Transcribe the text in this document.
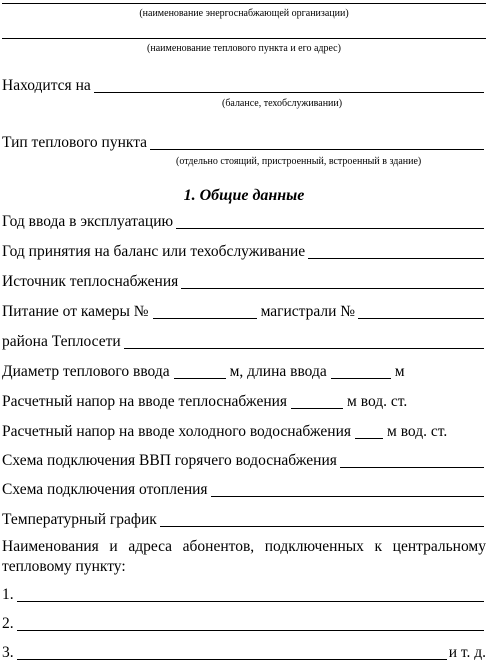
(наименование энергоснабжающей организации)
(наименование теплового пункта и его адрес)
Находится на
(балансе, техобслуживании)
Тип теплового пункта
(отдельно стоящий, пристроенный, встроенный в здание)
1. Общие данные
Год ввода в эксплуатацию
Год принятия на баланс или техобслуживание
Источник теплоснабжения
Питание от камеры №	магистрали №
района Теплосети
Диаметр теплового ввода	м, длина ввода	м
Расчетный напор на вводе теплоснабжения	м вод. ст.
Расчетный напор на вводе холодного водоснабжения м вод. ст.
Схема подключения ВВП горячего водоснабжения
Схема подключения отопления
Температурный график
Наименования и адреса абонентов, подключенных к центральному тепловому пункту:
1.
2.
3.	и т. д.
